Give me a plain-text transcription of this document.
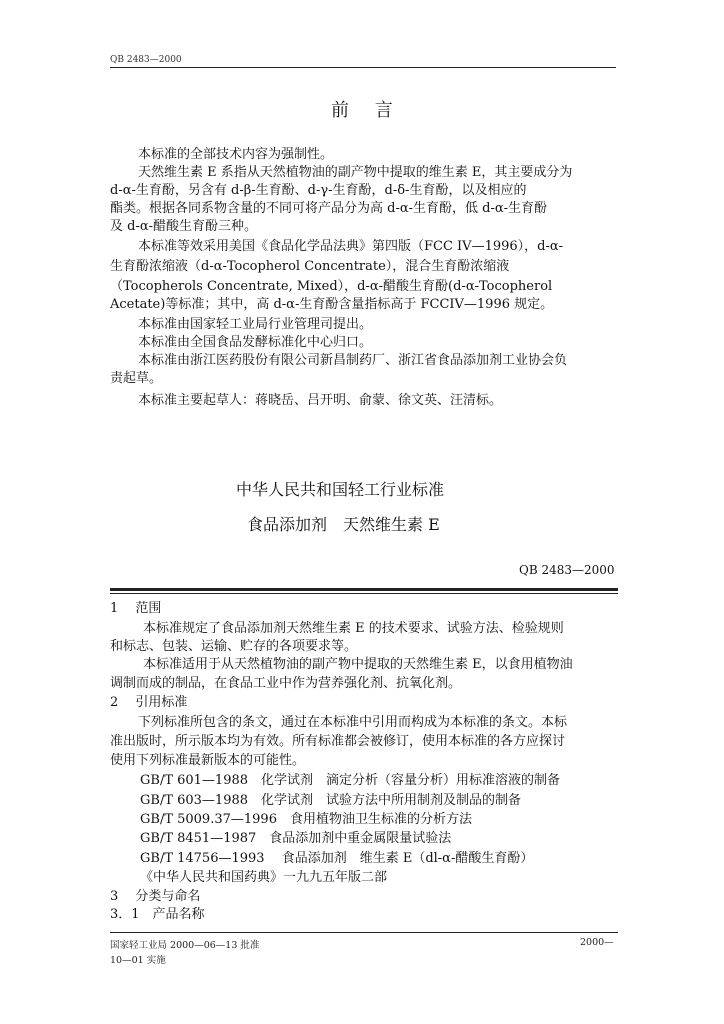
QB 2483—2000
前 言
本标准的全部技术内容为强制性。
天然维生素 E 系指从天然植物油的副产物中提取的维生素 E，其主要成分为
d-α-生育酚，另含有 d-β-生育酚、d-γ-生育酚，d-δ-生育酚，以及相应的
酯类。根据各同系物含量的不同可将产品分为高 d-α-生育酚，低 d-α-生育酚
及 d-α-醋酸生育酚三种。
本标准等效采用美国《食品化学品法典》第四版（FCC IV—1996），d-α-
生育酚浓缩液（d-α-Tocopherol Concentrate），混合生育酚浓缩液
（Tocopherols Concentrate, Mixed），d-α-醋酸生育酚(d-α-Tocopherol
Acetate)等标准；其中，高 d-α-生育酚含量指标高于 FCCIV—1996 规定。
本标准由国家轻工业局行业管理司提出。
本标准由全国食品发酵标准化中心归口。
本标准由浙江医药股份有限公司新昌制药厂、浙江省食品添加剂工业协会负
责起草。
本标准主要起草人：蒋晓岳、吕开明、俞蒙、徐文英、汪清标。
中华人民共和国轻工行业标准
食品添加剂　天然维生素 E
QB 2483—2000
1　 范围
本标准规定了食品添加剂天然维生素 E 的技术要求、试验方法、检验规则
和标志、包装、运输、贮存的各项要求等。
本标准适用于从天然植物油的副产物中提取的天然维生素 E，以食用植物油
调制而成的制品，在食品工业中作为营养强化剂、抗氧化剂。
2　 引用标准
下列标准所包含的条文，通过在本标准中引用而构成为本标准的条文。本标
准出版时，所示版本均为有效。所有标准都会被修订，使用本标准的各方应探讨
使用下列标准最新版本的可能性。
GB/T 601—1988　化学试剂　滴定分析（容量分析）用标准溶液的制备
GB/T 603—1988　化学试剂　试验方法中所用制剂及制品的制备
GB/T 5009.37—1996　食用植物油卫生标准的分析方法
GB/T 8451—1987　食品添加剂中重金属限量试验法
GB/T 14756—1993　 食品添加剂　维生素 E（dl-α-醋酸生育酚）
《中华人民共和国药典》一九九五年版二部
3　 分类与命名
3．1　产品名称
国家轻工业局 2000—06—13 批准
10—01 实施
2000—
